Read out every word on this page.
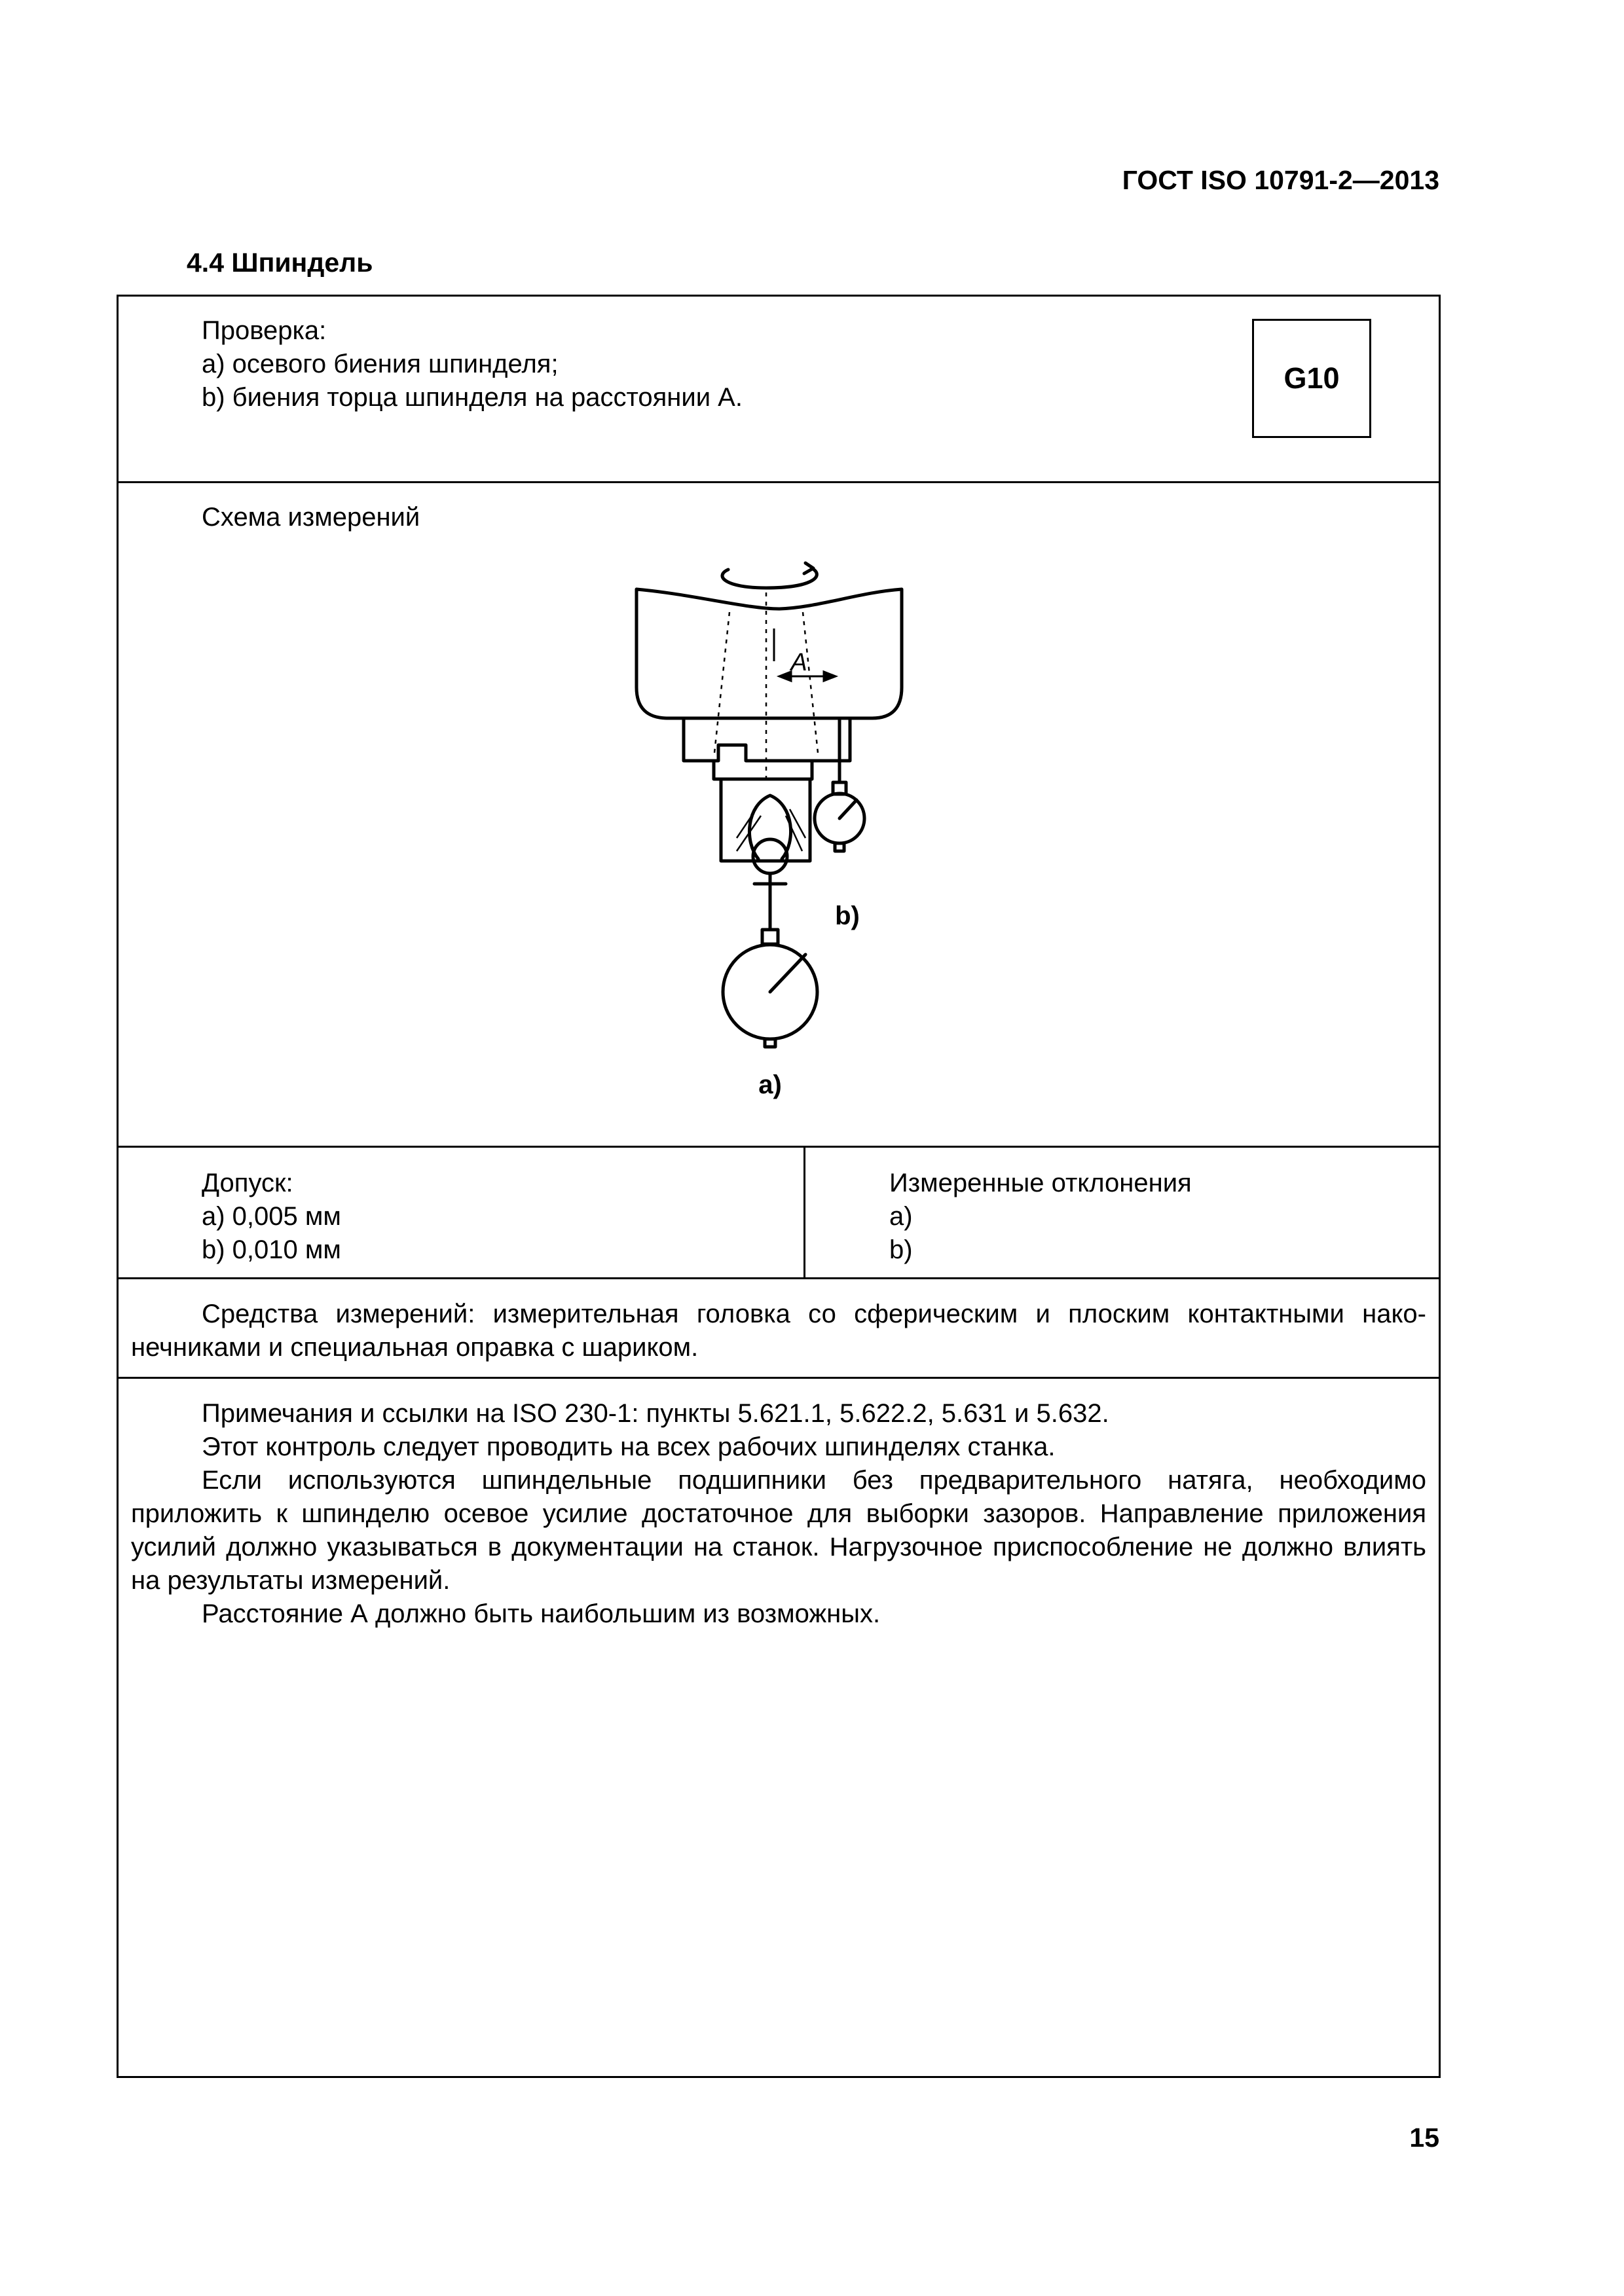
ГОСТ ISO 10791-2—2013
4.4 Шпиндель
Проверка:
а) осевого биения шпинделя;
b) биения торца шпинделя на расстоянии А.
G10
Схема измерений
A
b)
a)
Допуск:
а) 0,005 мм
b) 0,010 мм
Измеренные отклонения
а)
b)

Средства измерений: измерительная головка со сферическим и плоским контактными нако-нечниками и специальная оправка с шариком.

Примечания и ссылки на ISO 230-1: пункты 5.621.1, 5.622.2, 5.631 и 5.632.

Этот контроль следует проводить на всех рабочих шпинделях станка.

Если используются шпиндельные подшипники без предварительного натяга, необходимо приложить к шпинделю осевое усилие достаточное для выборки зазоров. Направление приложения усилий должно указываться в документации на станок. Нагрузочное приспособление не должно влиять на результаты измерений.

Расстояние А должно быть наибольшим из возможных.

15
